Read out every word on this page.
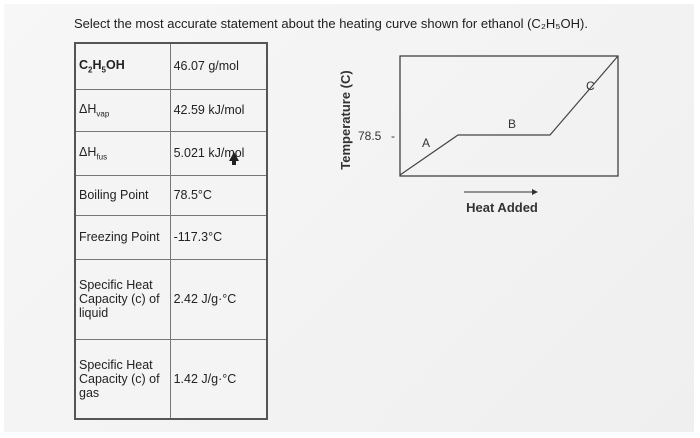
Select the most accurate statement about the heating curve shown for ethanol (C₂H₅OH).
$C_2H_5OH$	46.07 g/mol
$\Delta H_{vap}$	42.59 kJ/mol
$\Delta H_{fus}$	5.021 kJ/mol
Boiling Point	78.5°C
Freezing Point	-117.3°C
Specific Heat Capacity (c) of liquid	2.42 J/g·°C
Specific Heat Capacity (c) of gas	1.42 J/g·°C
Temperature (C) 78.5 - A
B
C
Heat Added
